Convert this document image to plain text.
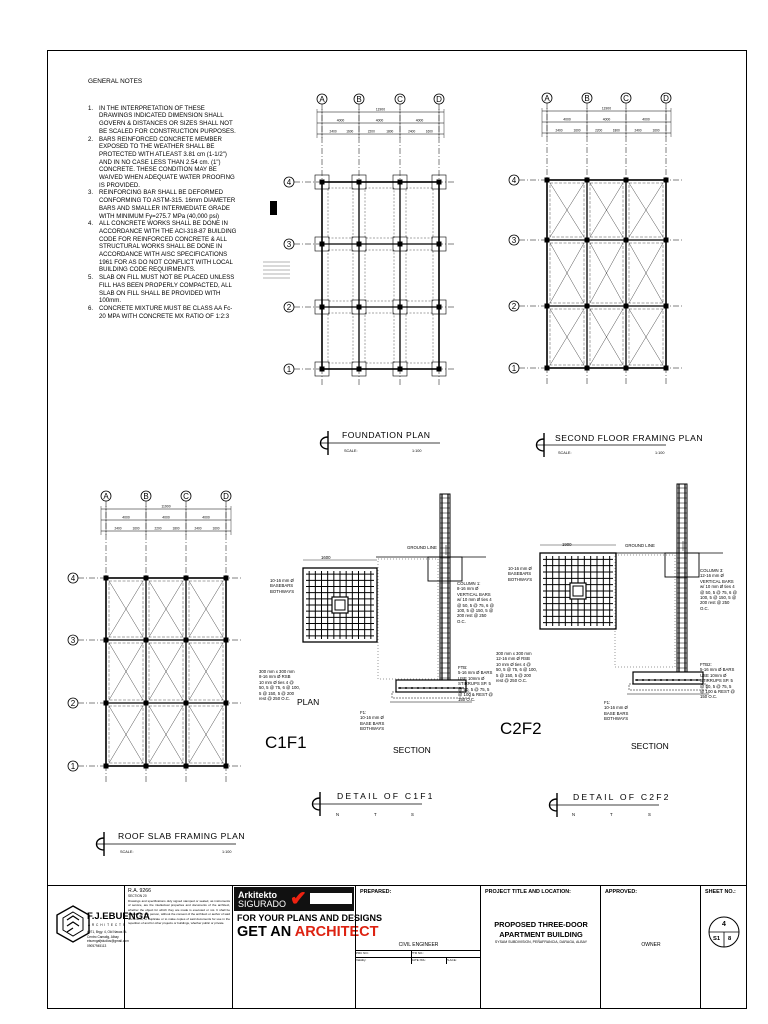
GENERAL NOTES
1. IN THE INTERPRETATION OF THESE DRAWINGS INDICATED DIMENSION SHALL GOVERN & DISTANCES OR SIZES SHALL NOT BE SCALED FOR CONSTRUCTION PURPOSES.
2. BARS REINFORCED CONCRETE MEMBER EXPOSED TO THE WEATHER SHALL BE PROTECTED WITH ATLEAST 3.81 cm (1-1/2") AND IN NO CASE LESS THAN 2.54 cm. (1") CONCRETE. THESE CONDITION MAY BE WAIVED WHEN ADEQUATE WATER PROOFING IS PROVIDED.
3. REINFORCING BAR SHALL BE DEFORMED CONFORMING TO ASTM-315. 16mm DIAMETER BARS AND SMALLER INTERMEDIATE GRADE WITH MINIMUM Fy=275.7 MPa (40,000 psi)
4. ALL CONCRETE WORKS SHALL BE DONE IN ACCORDANCE WITH THE ACI-318-87 BUILDING CODE FOR REINFORCED CONCRETE & ALL STRUCTURAL WORKS SHALL BE DONE IN ACCORDANCE WITH AISC SPECIFICATIONS 1961 FOR AS DO NOT CONFLICT WITH LOCAL BUILDING CODE REQUIRMENTS.
5. SLAB ON FILL MUST NOT BE PLACED UNLESS FILL HAS BEEN PROPERLY COMPACTED, ALL SLAB ON FILL SHALL BE PROVIDED WITH 100mm.
6. CONCRETE MIXTURE MUST BE CLASS AA Fc-20 MPA WITH CONCRETE MX RATIO OF 1:2:3
A	B	C	D
4
3
2
1
11900
4000	4000	4000
2400	1600	2200	1800	2400	1600
A	B	C	D
4
3
2
1
11900
4000	4000	4000
2400	1600	2200	1800	2400	1600
A	B	C	D
4
3
2
1
11900
4000	4000	4000
2400	1600	2200	1800	2400	1600
FOUNDATION PLAN
SCALE:	1:100
SECOND FLOOR FRAMING PLAN
SCALE:	1:100
ROOF SLAB FRAMING PLAN
SCALE:	1:100
DETAIL OF C1F1
N	T	S
C1F1
PLAN
SECTION
GROUND LINE
1600
10-16 mm Ø
BASEBARS
BOTHWAYS
COLUMN 1:
8-16 mm Ø
VERTICAL BARS
w/ 10 mm Ø ties 4
@ 50, 5 @ 75, 6 @
100, 5 @ 150, 5 @
200 rest @ 250
O.C.
300 mm x 300 mm
8-16 mm Ø RSB
10 mm Ø ties 4 @
50, 5 @ 75, 6 @ 100,
5 @ 150, 5 @ 200
rest @ 250 O.C.
F1:
10-16 mm Ø
BASE BARS
BOTHWAYS
FTB:
5-16 mm Ø BARS
USE 10mm Ø
STIRRUPS SP. 5
@ 50, 5 @ 75, 5
@ 100 & REST @
150 O.C.
DETAIL OF C2F2
N	T	S
C2F2
SECTION
GROUND LINE
1900
10-16 mm Ø
BASEBARS
BOTHWAYS
COLUMN 3:
12-16 mm Ø
VERTICAL BARS
w/ 10 mm Ø ties 4
@ 50, 5 @ 75, 6 @
100, 5 @ 150, 5 @
200 rest @ 250
O.C.
300 mm x 300 mm
12-16 mm Ø RSB
10 mm Ø ties 4 @
50, 5 @ 75, 6 @ 100,
5 @ 150, 5 @ 200
rest @ 250 O.C.
F1:
10-16 mm Ø
BASE BARS
BOTHWAYS
FTB2:
5-16 mm Ø BARS
USE 10mm Ø
STIRRUPS SP. 5
@ 50, 5 @ 75, 5
@ 100 & REST @
150 O.C.
F.J.EBUENGA
A R C H I T E C T S
#971, Brgy. 4, Old Navas St.
Centro Camalig, Albay
ebuengafjstudios@gmail.com
09057945113
R.A. 9266
SECTION 20
Drawings and specifications duly signed stamped or sealed, as instruments of service, are the intellectual properties and documents of the architect, whether the object for which they are made is executed or not. It shall be unlawful for any person, without the consent of the architect or author of said documents, to duplicate or to make copies of said documents for use in the repetition of and for other projects or buildings, whether public or private.
Arkitekto
SIGURADO ✔
FOR YOUR PLANS AND DESIGNS
GET AN ARCHITECT
PREPARED:
CIVIL ENGINEER
PRC NO.:	PTR NO.:
Validity:	DATE ISS.:	PLACE:
PROJECT TITLE AND LOCATION:
PROPOSED THREE-DOOR APARTMENT BUILDING
SYSAM SUBDIVISION, PEÑAFRANCIA, DARAGA, ALBAY
APPROVED:
OWNER
SHEET NO.:
4
S1 8
